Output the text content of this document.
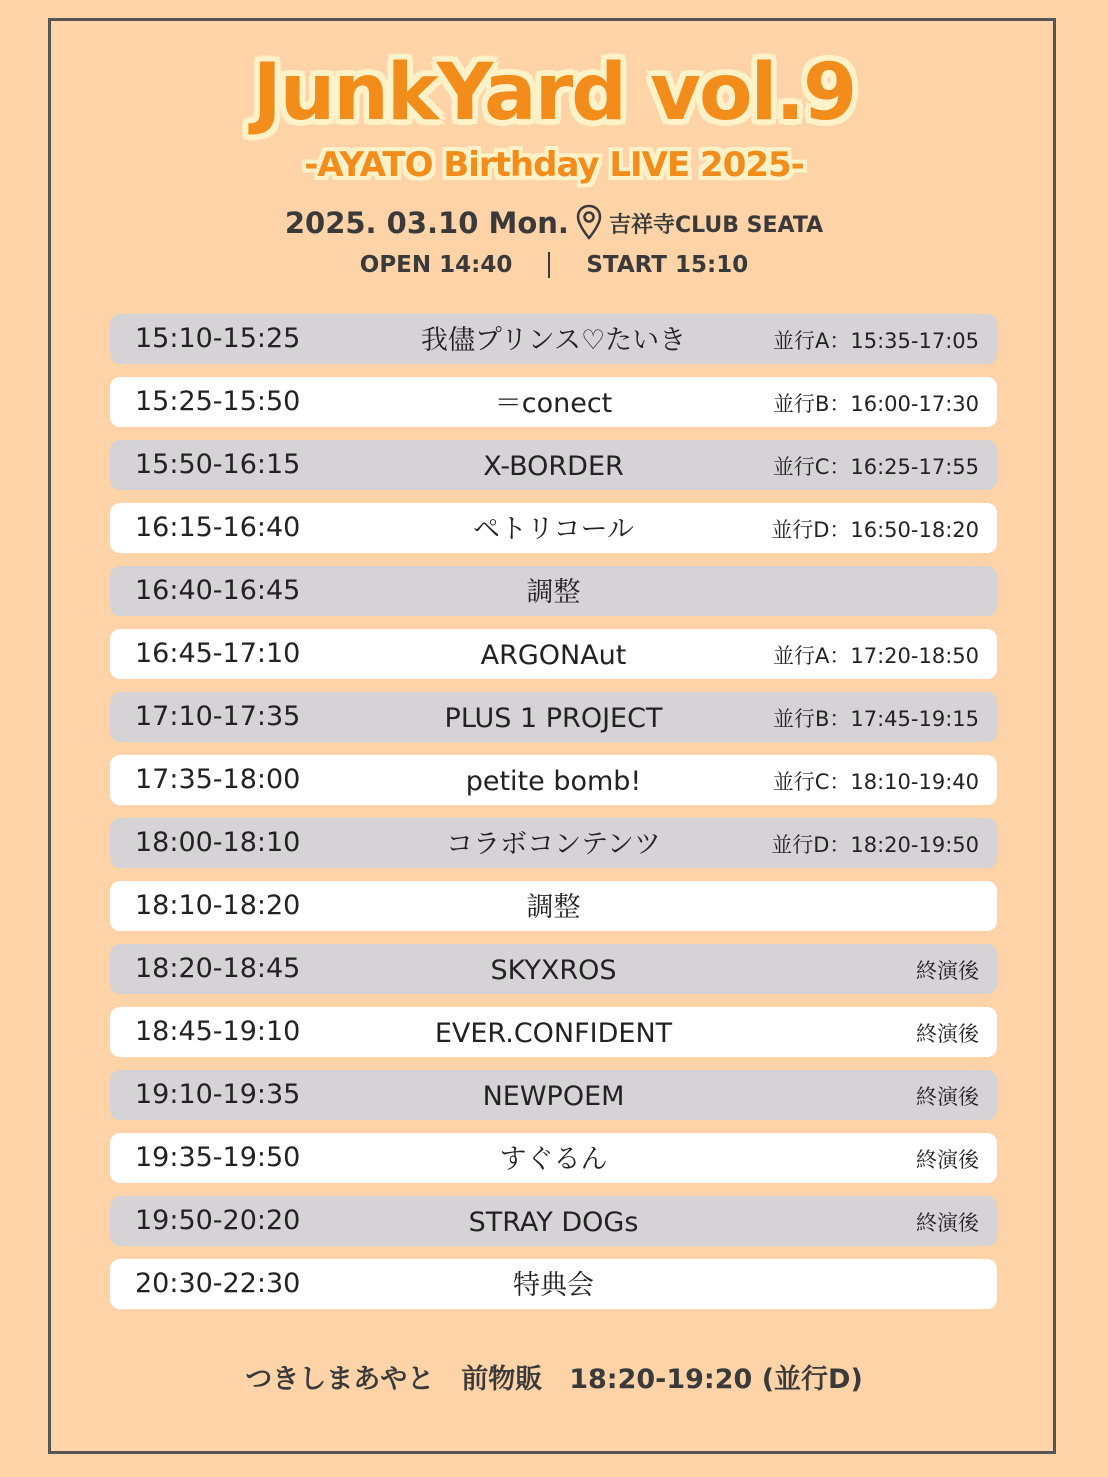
JunkYard vol.9
-AYATO Birthday LIVE 2025-
2025. 03.10 Mon. 吉祥寺CLUB SEATA
OPEN 14:40	START 15:10
15:10-15:25	我儘プリンス♡たいき	並行A：15:35-17:05
15:25-15:50	＝conect	並行B：16:00-17:30
15:50-16:15	X-BORDER	並行C：16:25-17:55
16:15-16:40	ペトリコール	並行D：16:50-18:20
16:40-16:45	調整
16:45-17:10	ARGONAut	並行A：17:20-18:50
17:10-17:35	PLUS 1 PROJECT	並行B：17:45-19:15
17:35-18:00	petite bomb!	並行C：18:10-19:40
18:00-18:10	コラボコンテンツ	並行D：18:20-19:50
18:10-18:20	調整
18:20-18:45	SKYXROS	終演後
18:45-19:10	EVER.CONFIDENT	終演後
19:10-19:35	NEWPOEM	終演後
19:35-19:50	すぐるん	終演後
19:50-20:20	STRAY DOGs	終演後
20:30-22:30	特典会
つきしまあやと　前物販　18:20-19:20 (並行D)
